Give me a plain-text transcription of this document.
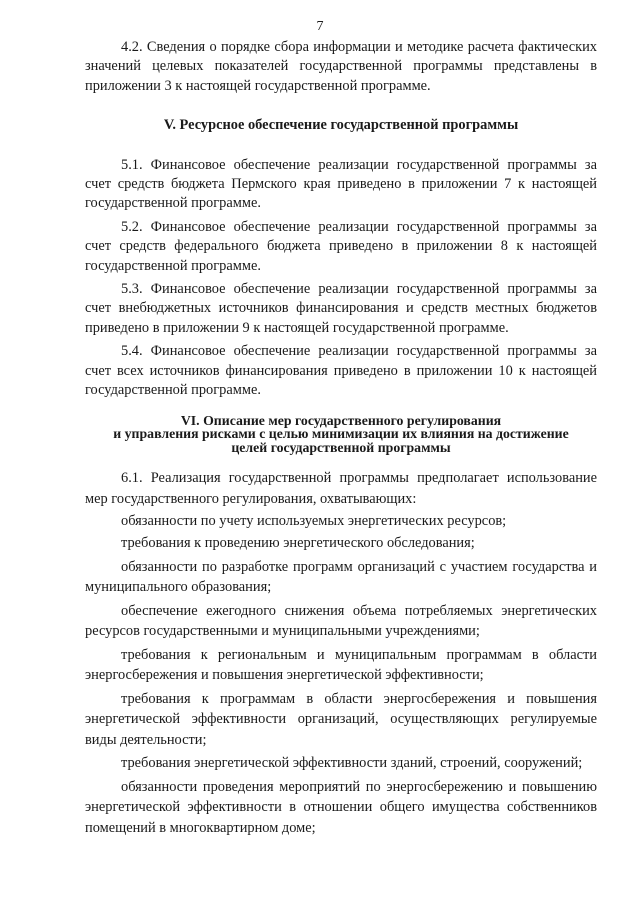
7

4.2. Сведения о порядке сбора информации и методике расчета фактических значений целевых показателей государственной программы представлены в приложении 3 к настоящей государственной программе.

V. Ресурсное обеспечение государственной программы

5.1. Финансовое обеспечение реализации государственной программы за счет средств бюджета Пермского края приведено в приложении 7 к настоящей государственной программе.

5.2. Финансовое обеспечение реализации государственной программы за счет средств федерального бюджета приведено в приложении 8 к настоящей государственной программе.

5.3. Финансовое обеспечение реализации государственной программы за счет внебюджетных источников финансирования и средств местных бюджетов приведено в приложении 9 к настоящей государственной программе.

5.4. Финансовое обеспечение реализации государственной программы за счет всех источников финансирования приведено в приложении 10 к настоящей государственной программе.

VI. Описание мер государственного регулирования
и управления рисками с целью минимизации их влияния на достижение
целей государственной программы

6.1. Реализация государственной программы предполагает использование мер государственного регулирования, охватывающих:

обязанности по учету используемых энергетических ресурсов;

требования к проведению энергетического обследования;

обязанности по разработке программ организаций с участием государства и муниципального образования;

обеспечение ежегодного снижения объема потребляемых энергетических ресурсов государственными и муниципальными учреждениями;

требования к региональным и муниципальным программам в области энергосбережения и повышения энергетической эффективности;

требования к программам в области энергосбережения и повышения энергетической эффективности организаций, осуществляющих регулируемые виды деятельности;

требования энергетической эффективности зданий, строений, сооружений;

обязанности проведения мероприятий по энергосбережению и повышению энергетической эффективности в отношении общего имущества собственников помещений в многоквартирном доме;
